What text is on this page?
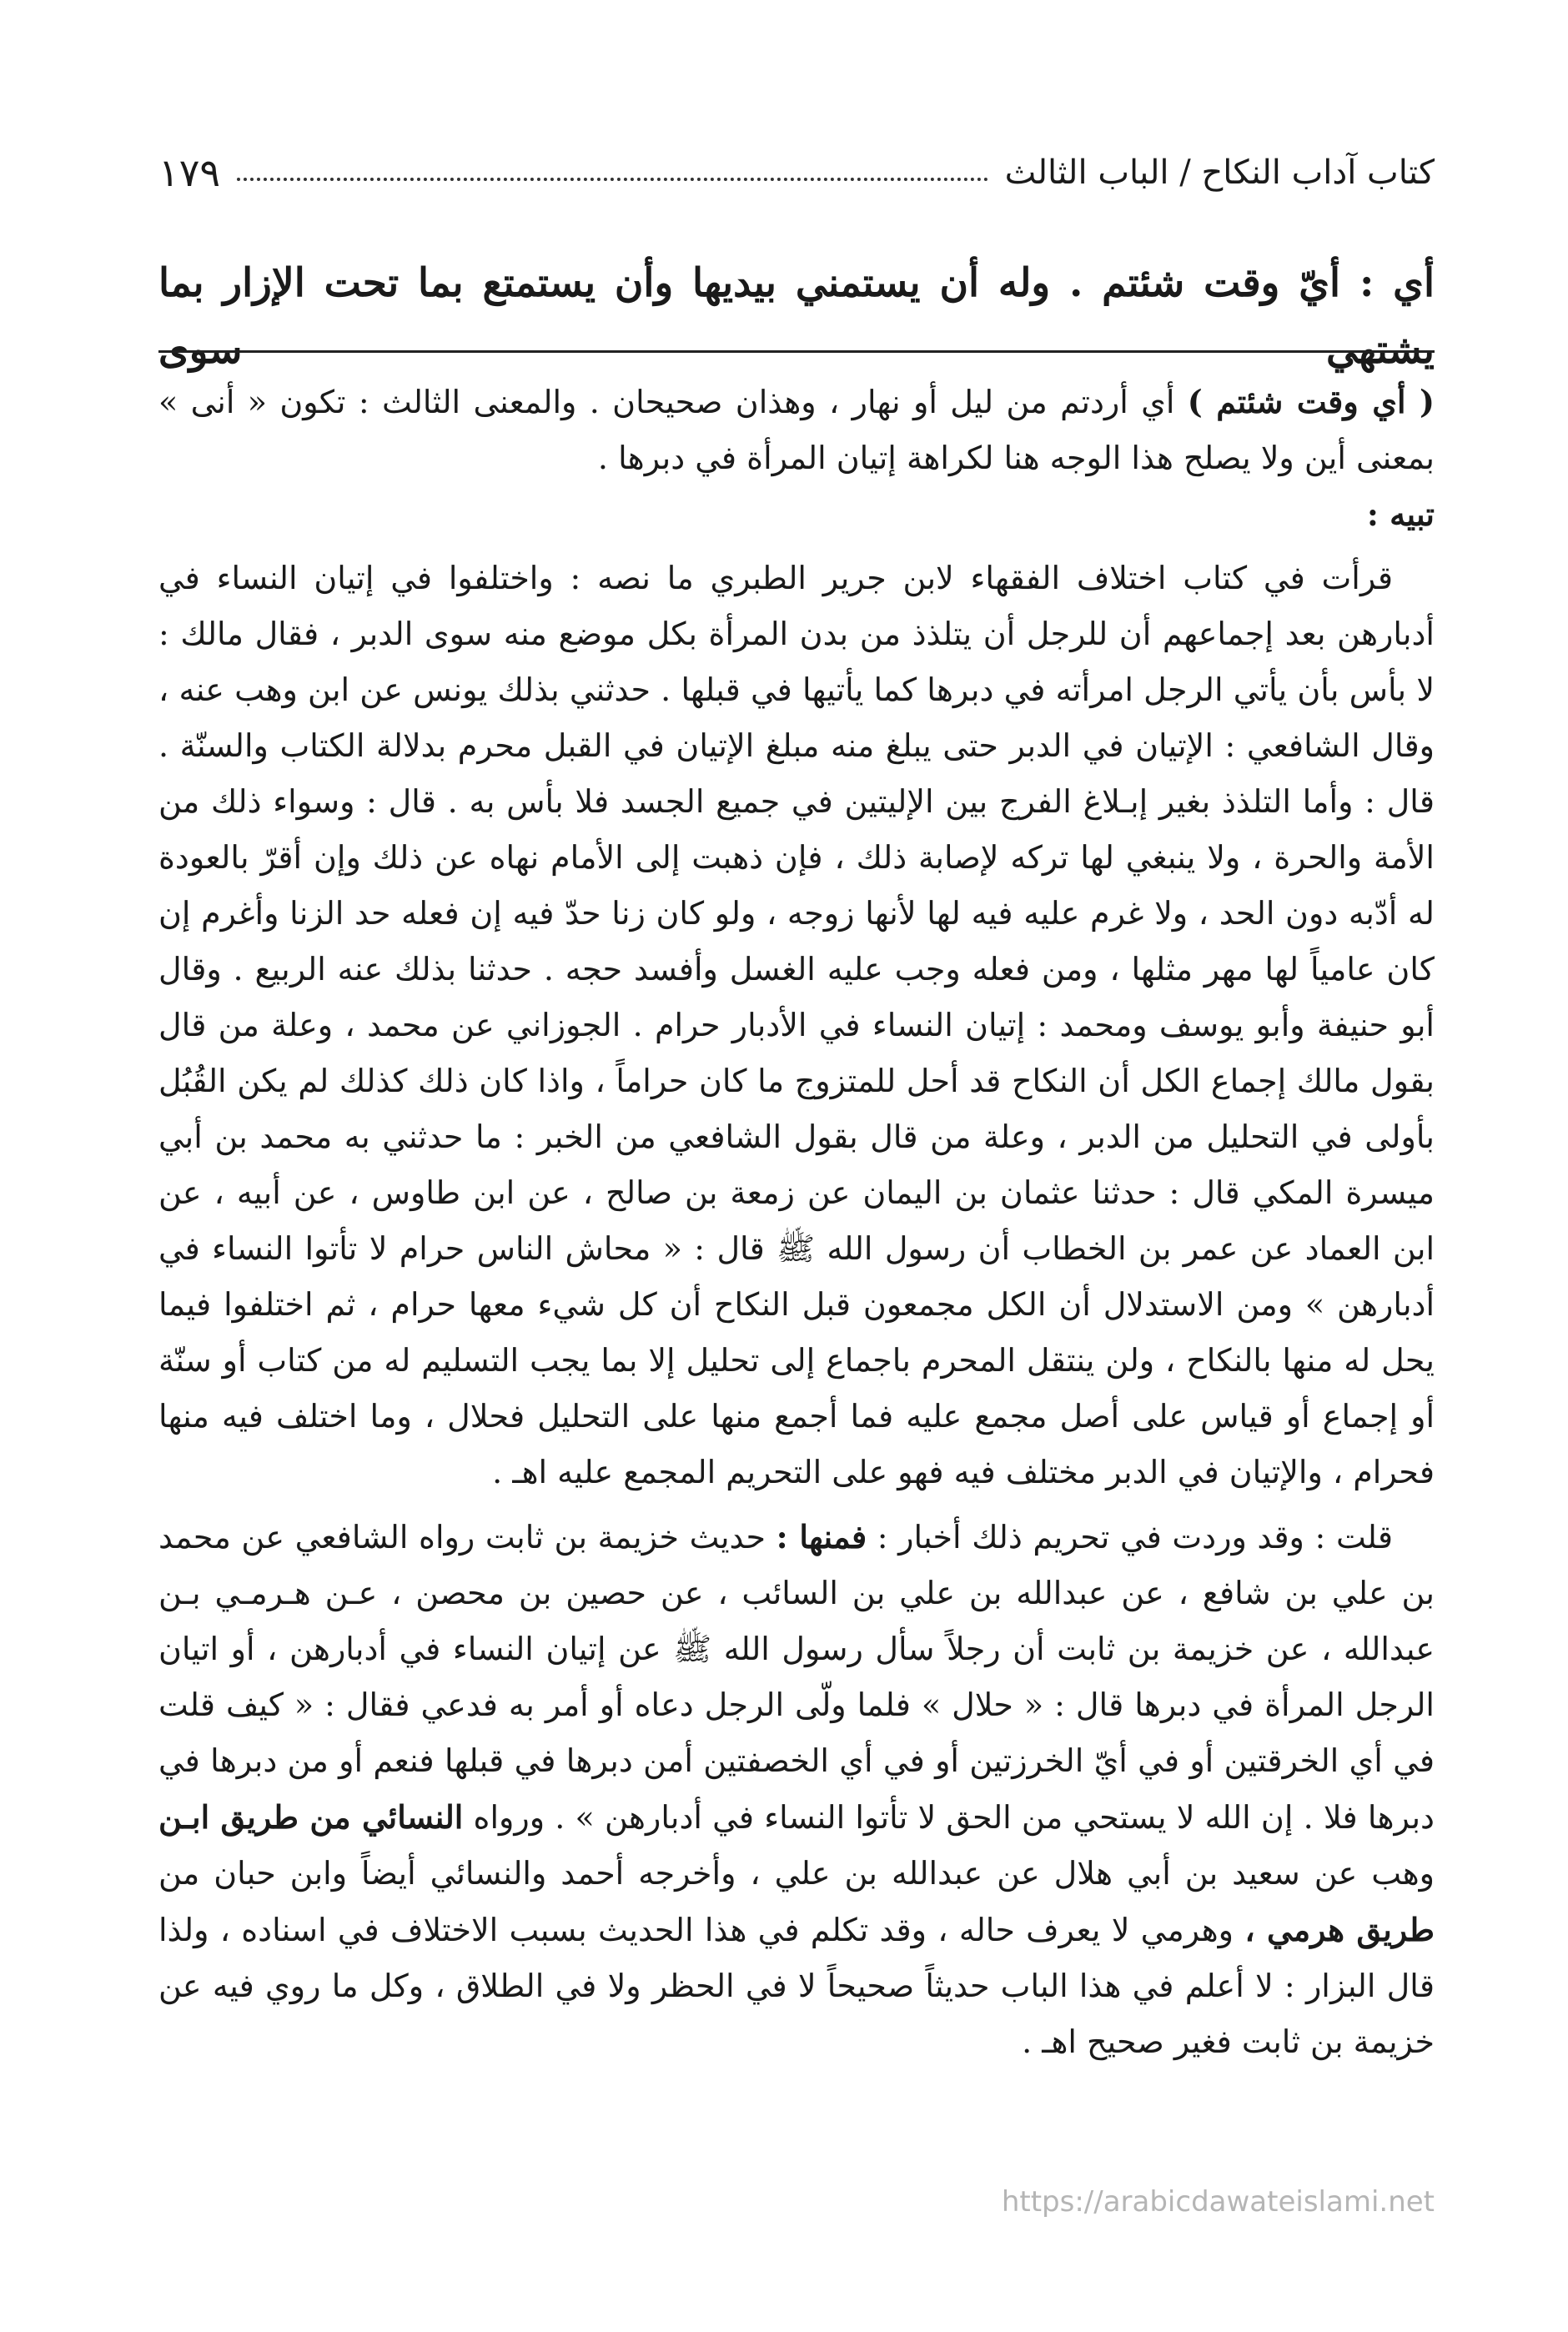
كتاب آداب النكاح / الباب الثالث
١٧٩
أي : أيّ وقت شئتم . وله أن يستمني بيديها وأن يستمتع بما تحت الإزار بما يشتهي سوى

( أي وقت شئتم ) أي أردتم من ليل أو نهار ، وهذان صحيحان . والمعنى الثالث : تكون « أنى » بمعنى أين ولا يصلح هذا الوجه هنا لكراهة إتيان المرأة في دبرها .

تبيه :

قرأت في كتاب اختلاف الفقهاء لابن جرير الطبري ما نصه : واختلفوا في إتيان النساء في أدبارهن بعد إجماعهم أن للرجل أن يتلذذ من بدن المرأة بكل موضع منه سوى الدبر ، فقال مالك : لا بأس بأن يأتي الرجل امرأته في دبرها كما يأتيها في قبلها . حدثني بذلك يونس عن ابن وهب عنه ، وقال الشافعي : الإتيان في الدبر حتى يبلغ منه مبلغ الإتيان في القبل محرم بدلالة الكتاب والسنّة . قال : وأما التلذذ بغير إبـلاغ الفرج بين الإليتين في جميع الجسد فلا بأس به . قال : وسواء ذلك من الأمة والحرة ، ولا ينبغي لها تركه لإصابة ذلك ، فإن ذهبت إلى الأمام نهاه عن ذلك وإن أقرّ بالعودة له أدّبه دون الحد ، ولا غرم عليه فيه لها لأنها زوجه ، ولو كان زنا حدّ فيه إن فعله حد الزنا وأغرم إن كان عامياً لها مهر مثلها ، ومن فعله وجب عليه الغسل وأفسد حجه . حدثنا بذلك عنه الربيع . وقال أبو حنيفة وأبو يوسف ومحمد : إتيان النساء في الأدبار حرام . الجوزاني عن محمد ، وعلة من قال بقول مالك إجماع الكل أن النكاح قد أحل للمتزوج ما كان حراماً ، واذا كان ذلك كذلك لم يكن القُبُل بأولى في التحليل من الدبر ، وعلة من قال بقول الشافعي من الخبر : ما حدثني به محمد بن أبي ميسرة المكي قال : حدثنا عثمان بن اليمان عن زمعة بن صالح ، عن ابن طاوس ، عن أبيه ، عن ابن العماد عن عمر بن الخطاب أن رسول الله ﷺ قال : « محاش الناس حرام لا تأتوا النساء في أدبارهن » ومن الاستدلال أن الكل مجمعون قبل النكاح أن كل شيء معها حرام ، ثم اختلفوا فيما يحل له منها بالنكاح ، ولن ينتقل المحرم باجماع إلى تحليل إلا بما يجب التسليم له من كتاب أو سنّة أو إجماع أو قياس على أصل مجمع عليه فما أجمع منها على التحليل فحلال ، وما اختلف فيه منها فحرام ، والإتيان في الدبر مختلف فيه فهو على التحريم المجمع عليه اهـ .

قلت : وقد وردت في تحريم ذلك أخبار : فمنها : حديث خزيمة بن ثابت رواه الشافعي عن محمد بن علي بن شافع ، عن عبدالله بن علي بن السائب ، عن حصين بن محصن ، عـن هـرمـي بـن عبدالله ، عن خزيمة بن ثابت أن رجلاً سأل رسول الله ﷺ عن إتيان النساء في أدبارهن ، أو اتيان الرجل المرأة في دبرها قال : « حلال » فلما ولّى الرجل دعاه أو أمر به فدعي فقال : « كيف قلت في أي الخرقتين أو في أيّ الخرزتين أو في أي الخصفتين أمن دبرها في قبلها فنعم أو من دبرها في دبرها فلا . إن الله لا يستحي من الحق لا تأتوا النساء في أدبارهن » . ورواه النسائي من طريق ابـن وهب عن سعيد بن أبي هلال عن عبدالله بن علي ، وأخرجه أحمد والنسائي أيضاً وابن حبان من طريق هرمي ، وهرمي لا يعرف حاله ، وقد تكلم في هذا الحديث بسبب الاختلاف في اسناده ، ولذا قال البزار : لا أعلم في هذا الباب حديثاً صحيحاً لا في الحظر ولا في الطلاق ، وكل ما روي فيه عن خزيمة بن ثابت فغير صحيح اهـ .

https://arabicdawateislami.net
